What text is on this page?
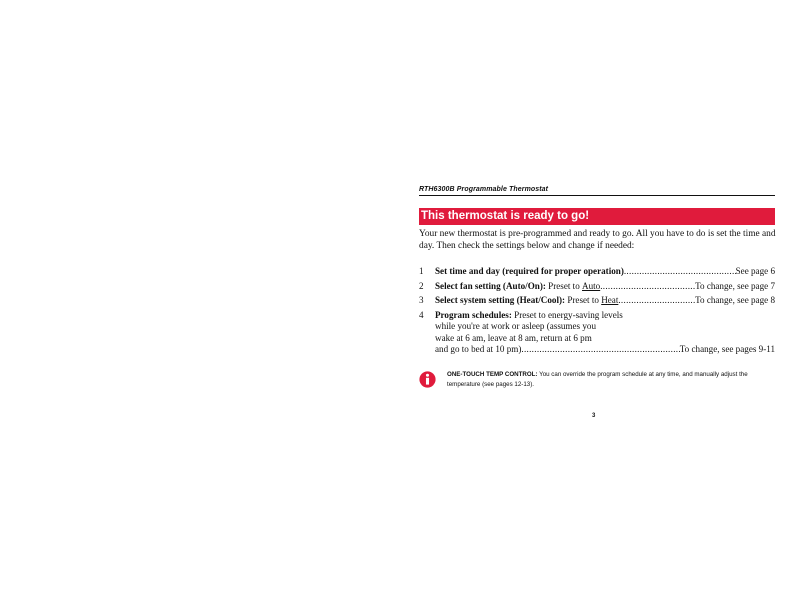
RTH6300B Programmable Thermostat
This thermostat is ready to go!
Your new thermostat is pre-programmed and ready to go. All you have to do is set the time and day. Then check the settings below and change if needed:
1 Set time and day (required for proper operation) .....	See page 6
2 Select fan setting (Auto/On): Preset to Auto .....	To change, see page 7
3 Select system setting (Heat/Cool): Preset to Heat .....	To change, see page 8
4 Program schedules: Preset to energy-saving levels
while you're at work or asleep (assumes you
wake at 6 am, leave at 8 am, return at 6 pm
and go to bed at 10 pm) .....	To change, see pages 9-11
ONE-TOUCH TEMP CONTROL: You can override the program schedule at any time, and manually adjust the temperature (see pages 12-13).
3
